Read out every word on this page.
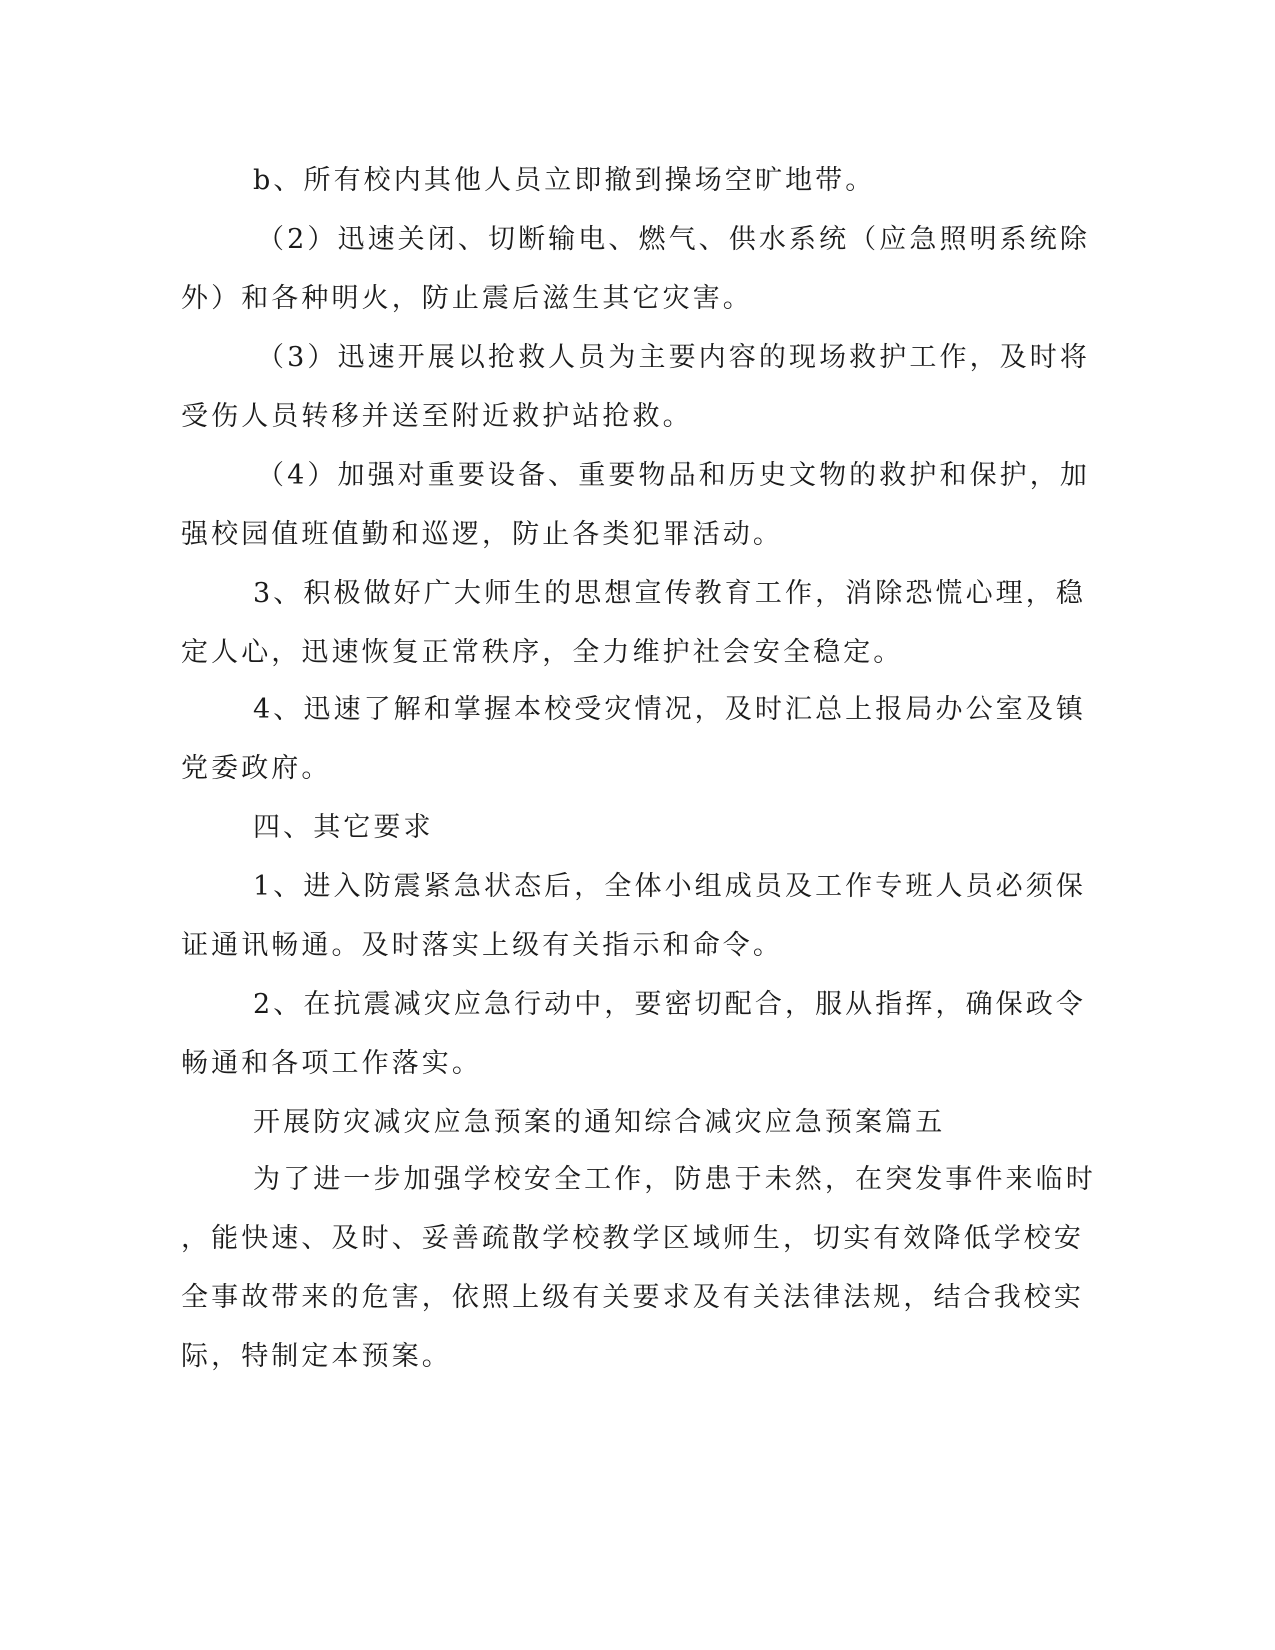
b、所有校内其他人员立即撤到操场空旷地带。
（2）迅速关闭、切断输电、燃气、供水系统（应急照明系统除
外）和各种明火，防止震后滋生其它灾害。
（3）迅速开展以抢救人员为主要内容的现场救护工作，及时将
受伤人员转移并送至附近救护站抢救。
（4）加强对重要设备、重要物品和历史文物的救护和保护，加
强校园值班值勤和巡逻，防止各类犯罪活动。
3、积极做好广大师生的思想宣传教育工作，消除恐慌心理，稳
定人心，迅速恢复正常秩序，全力维护社会安全稳定。
4、迅速了解和掌握本校受灾情况，及时汇总上报局办公室及镇
党委政府。
四、其它要求
1、进入防震紧急状态后，全体小组成员及工作专班人员必须保
证通讯畅通。及时落实上级有关指示和命令。
2、在抗震减灾应急行动中，要密切配合，服从指挥，确保政令
畅通和各项工作落实。
开展防灾减灾应急预案的通知综合减灾应急预案篇五
为了进一步加强学校安全工作，防患于未然，在突发事件来临时
，能快速、及时、妥善疏散学校教学区域师生，切实有效降低学校安
全事故带来的危害，依照上级有关要求及有关法律法规，结合我校实
际，特制定本预案。
